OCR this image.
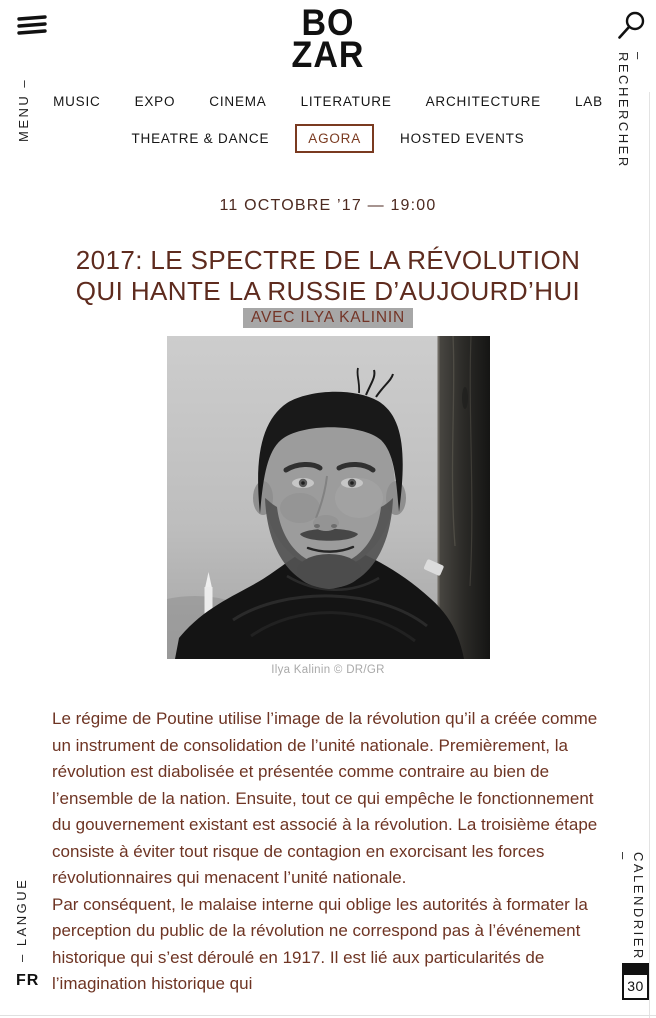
MENU –
– LANGUE
FR
– RECHERCHER
CALENDRIER –
30
BO
ZAR
MUSIC	EXPO	CINEMA	LITERATURE	ARCHITECTURE	LAB
THEATRE & DANCE	AGORA	HOSTED EVENTS
11 OCTOBRE ’17 — 19:00
2017: LE SPECTRE DE LA RÉVOLUTION QUI HANTE LA RUSSIE D’AUJOURD’HUI
AVEC ILYA KALININ
Ilya Kalinin © DR/GR

Le régime de Poutine utilise l’image de la révolution qu’il a créée comme un instrument de consolidation de l’unité nationale. Premièrement, la révolution est diabolisée et présentée comme contraire au bien de l’ensemble de la nation. Ensuite, tout ce qui empêche le fonctionnement du gouvernement existant est associé à la révolution. La troisième étape consiste à éviter tout risque de contagion en exorcisant les forces révolutionnaires qui menacent l’unité nationale.

Par conséquent, le malaise interne qui oblige les autorités à formater la perception du public de la révolution ne correspond pas à l’événement historique qui s’est déroulé en 1917. Il est lié aux particularités de l’imagination historique qui
